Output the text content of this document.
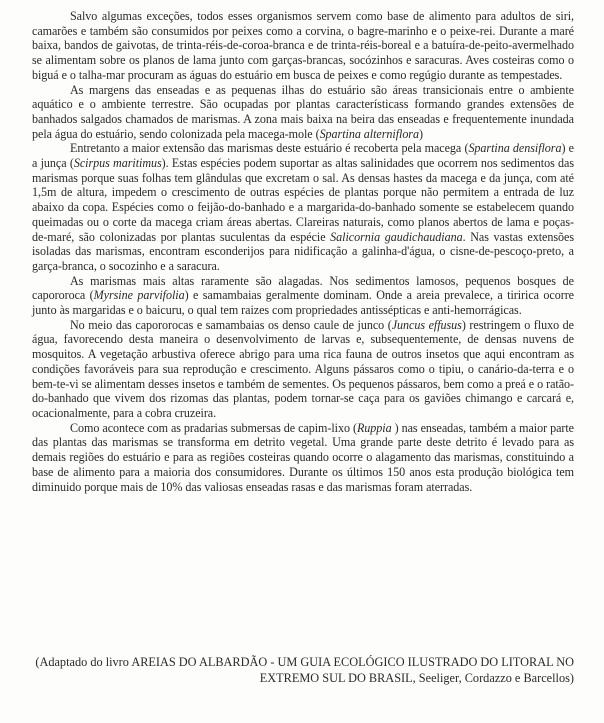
Salvo algumas exceções, todos esses organismos servem como base de alimento para adultos de siri, camarões e também são consumidos por peixes como a corvina, o bagre-marinho e o peixe-rei. Durante a maré baixa, bandos de gaivotas, de trinta-réis-de-coroa-branca e de trinta-réis-boreal e a batuíra-de-peito-avermelhado se alimentam sobre os planos de lama junto com garças-brancas, socózinhos e saracuras. Aves costeiras como o biguá e o talha-mar procuram as águas do estuário em busca de peixes e como regúgio durante as tempestades.

As margens das enseadas e as pequenas ilhas do estuário são áreas transicionais entre o ambiente aquático e o ambiente terrestre. São ocupadas por plantas característicass formando grandes extensões de banhados salgados chamados de marismas. A zona mais baixa na beira das enseadas e frequentemente inundada pela água do estuário, sendo colonizada pela macega-mole (Spartina alterniflora)

Entretanto a maior extensão das marismas deste estuário é recoberta pela macega (Spartina densiflora) e a junça (Scirpus maritimus). Estas espécies podem suportar as altas salinidades que ocorrem nos sedimentos das marismas porque suas folhas tem glândulas que excretam o sal. As densas hastes da macega e da junça, com até 1,5m de altura, impedem o crescimento de outras espécies de plantas porque não permitem a entrada de luz abaixo da copa. Espécies como o feijão-do-banhado e a margarida-do-banhado somente se estabelecem quando queimadas ou o corte da macega criam áreas abertas. Clareiras naturais, como planos abertos de lama e poças-de-maré, são colonizadas por plantas suculentas da espécie Salicornia gaudichaudiana. Nas vastas extensões isoladas das marismas, encontram esconderijos para nidificação a galinha-d'água, o cisne-de-pescoço-preto, a garça-branca, o socozinho e a saracura.

As marismas mais altas raramente são alagadas. Nos sedimentos lamosos, pequenos bosques de capororoca (Myrsine parvifolia) e samambaias geralmente dominam. Onde a areia prevalece, a tiririca ocorre junto às margaridas e o baicuru, o qual tem raizes com propriedades antissépticas e anti-hemorrágicas.

No meio das capororocas e samambaias os denso caule de junco (Juncus effusus) restringem o fluxo de água, favorecendo desta maneira o desenvolvimento de larvas e, subsequentemente, de densas nuvens de mosquitos. A vegetação arbustiva oferece abrigo para uma rica fauna de outros insetos que aqui encontram as condições favoráveis para sua reprodução e crescimento. Alguns pássaros como o tipiu, o canário-da-terra e o bem-te-vi se alimentam desses insetos e também de sementes. Os pequenos pássaros, bem como a preá e o ratão-do-banhado que vivem dos rizomas das plantas, podem tornar-se caça para os gaviões chimango e carcará e, ocacionalmente, para a cobra cruzeira.

Como acontece com as pradarias submersas de capim-lixo (Ruppia ) nas enseadas, também a maior parte das plantas das marismas se transforma em detrito vegetal. Uma grande parte deste detrito é levado para as demais regiões do estuário e para as regiões costeiras quando ocorre o alagamento das marismas, constituindo a base de alimento para a maioria dos consumidores. Durante os últimos 150 anos esta produção biológica tem diminuido porque mais de 10% das valiosas enseadas rasas e das marismas foram aterradas.

(Adaptado do livro AREIAS DO ALBARDÃO - UM GUIA ECOLÓGICO ILUSTRADO DO LITORAL NO EXTREMO SUL DO BRASIL, Seeliger, Cordazzo e Barcellos)
